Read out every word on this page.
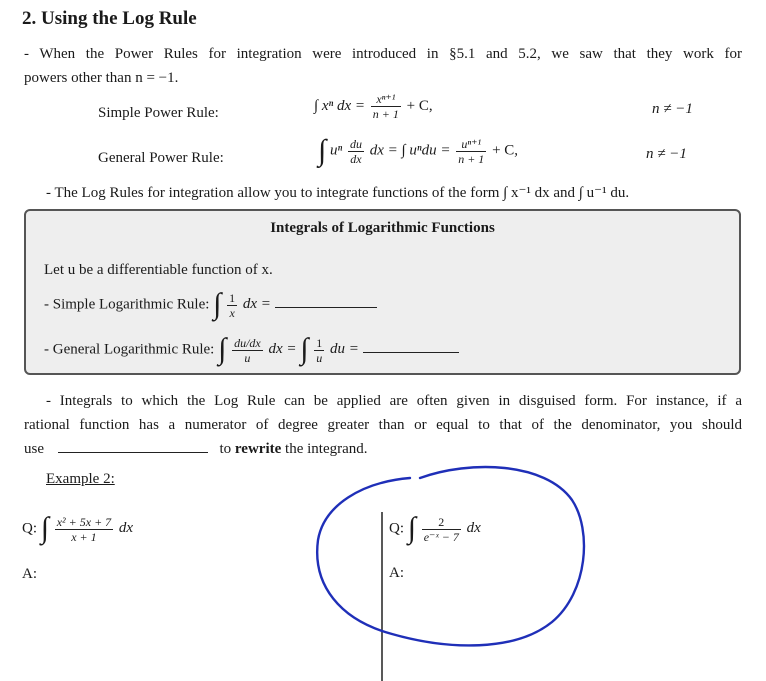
2. Using the Log Rule
- When the Power Rules for integration were introduced in §5.1 and 5.2, we saw that they work for
powers other than n = −1.
Simple Power Rule:	∫ xⁿ dx = $\frac{\text{xⁿ⁺¹}}{n + 1} + C$,	n ≠ −1
General Power Rule:	∫ uⁿ $\frac{du}{dx}$ dx = ∫ $u^ndu = \frac{\text{uⁿ⁺¹}}{n + 1} + C$,	n ≠ −1
- The Log Rules for integration allow you to integrate functions of the form ∫ x⁻¹ dx and ∫ u⁻¹ du.
Integrals of Logarithmic Functions
Let u be a differentiable function of x.
- Simple Logarithmic Rule: ∫ $\frac{1}{x}$ dx =
- General Logarithmic Rule: ∫ $\frac{du/dx}{u}$ dx = ∫ $\frac{1}{u}$ du =
- Integrals to which the Log Rule can be applied are often given in disguised form. For instance, if a
rational function has a numerator of degree greater than or equal to that of the denominator, you should
use	to rewrite the integrand.
Example 2:
Q: ∫ $\frac{\text{x² + 5x + 7}}{x + 1}$ dx
A:
Q: ∫ $\frac{2}{\text{e⁻ˣ − 7}}$ dx
A:
